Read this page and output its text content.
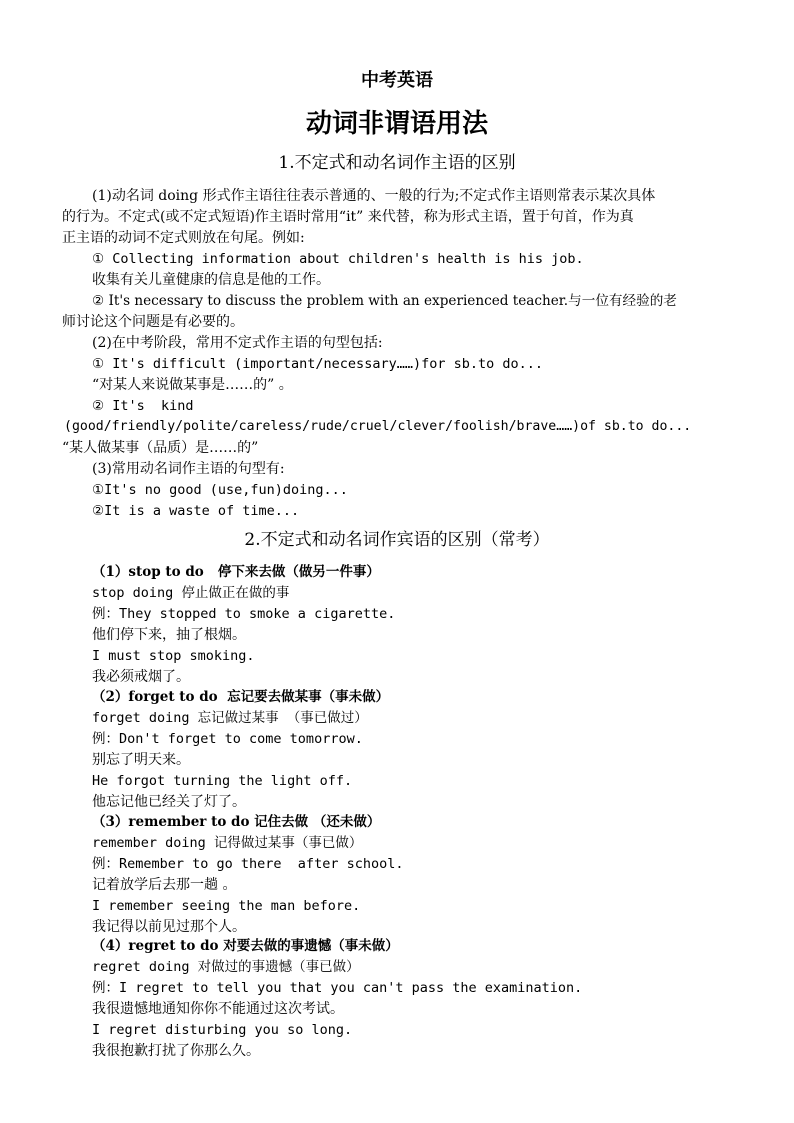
中考英语
动词非谓语用法
1.不定式和动名词作主语的区别
(1)动名词 doing 形式作主语往往表示普通的、一般的行为;不定式作主语则常表示某次具体
的行为。不定式(或不定式短语)作主语时常用“it” 来代替，称为形式主语，置于句首，作为真
正主语的动词不定式则放在句尾。例如:
① Collecting information about children's health is his job.
收集有关儿童健康的信息是他的工作。
② It's necessary to discuss the problem with an experienced teacher.与一位有经验的老
师讨论这个问题是有必要的。
(2)在中考阶段，常用不定式作主语的句型包括:
① It's difficult (important/necessary……)for sb.to do...
“对某人来说做某事是……的” 。
② It's  kind
(good/friendly/polite/careless/rude/cruel/clever/foolish/brave……)of sb.to do...
“某人做某事（品质）是……的”
(3)常用动名词作主语的句型有:
①It's no good (use,fun)doing...
②It is a waste of time...
2.不定式和动名词作宾语的区别（常考）
（1）stop to do   停下来去做（做另一件事）
stop doing 停止做正在做的事
例：They stopped to smoke a cigarette.
他们停下来，抽了根烟。
I must stop smoking.
我必须戒烟了。
（2）forget to do  忘记要去做某事（事未做）
forget doing 忘记做过某事 （事已做过）
例：Don't forget to come tomorrow.
别忘了明天来。
He forgot turning the light off.
他忘记他已经关了灯了。
（3）remember to do 记住去做 （还未做）
remember doing 记得做过某事（事已做）
例：Remember to go there  after school.
记着放学后去那一趟 。
I remember seeing the man before.
我记得以前见过那个人。
（4）regret to do 对要去做的事遗憾（事未做）
regret doing 对做过的事遗憾（事已做）
例：I regret to tell you that you can't pass the examination.
我很遗憾地通知你你不能通过这次考试。
I regret disturbing you so long.
我很抱歉打扰了你那么久。
